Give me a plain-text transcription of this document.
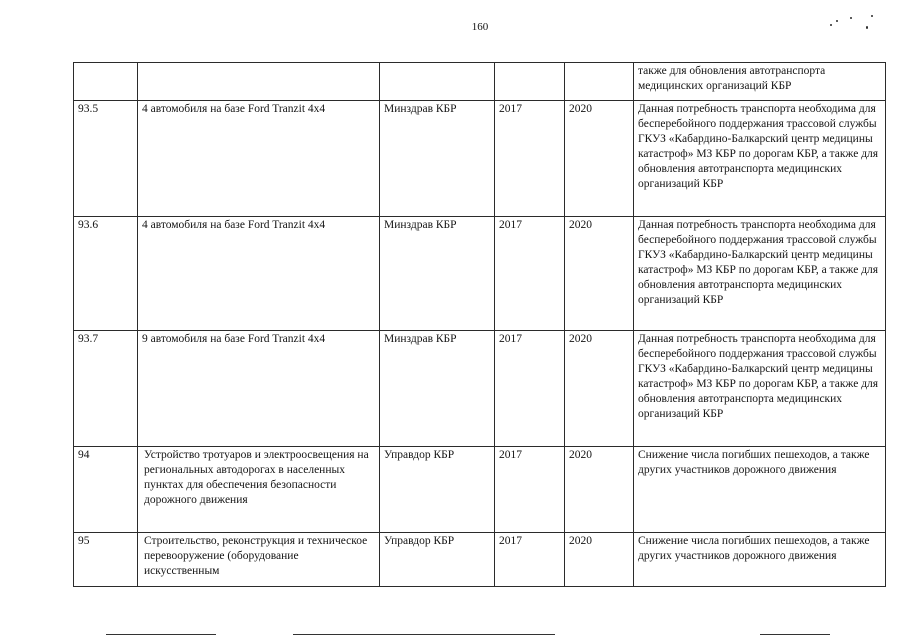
160
					также для обновления автотранспорта медицинских организаций КБР
93.5	4 автомобиля на базе Ford Tranzit 4x4	Минздрав КБР	2017	2020	Данная потребность транспорта необходима для бесперебойного поддержания трассовой службы ГКУЗ «Кабардино-Балкарский центр медицины катастроф» МЗ КБР по дорогам КБР, а также для обновления автотранспорта медицинских организаций КБР
93.6	4 автомобиля на базе Ford Tranzit 4x4	Минздрав КБР	2017	2020	Данная потребность транспорта необходима для бесперебойного поддержания трассовой службы ГКУЗ «Кабардино-Балкарский центр медицины катастроф» МЗ КБР по дорогам КБР, а также для обновления автотранспорта медицинских организаций КБР
93.7	9 автомобиля на базе Ford Tranzit 4x4	Минздрав КБР	2017	2020	Данная потребность транспорта необходима для бесперебойного поддержания трассовой службы ГКУЗ «Кабардино-Балкарский центр медицины катастроф» МЗ КБР по дорогам КБР, а также для обновления автотранспорта медицинских организаций КБР
94	Устройство тротуаров и электроосвещения на региональных автодорогах в населенных пунктах для обеспечения безопасности дорожного движения	Управдор КБР	2017	2020	Снижение числа погибших пешеходов, а также других участников дорожного движения
95	Строительство, реконструкция и техническое перевооружение (оборудование искусственным	Управдор КБР	2017	2020	Снижение числа погибших пешеходов, а также других участников дорожного движения
